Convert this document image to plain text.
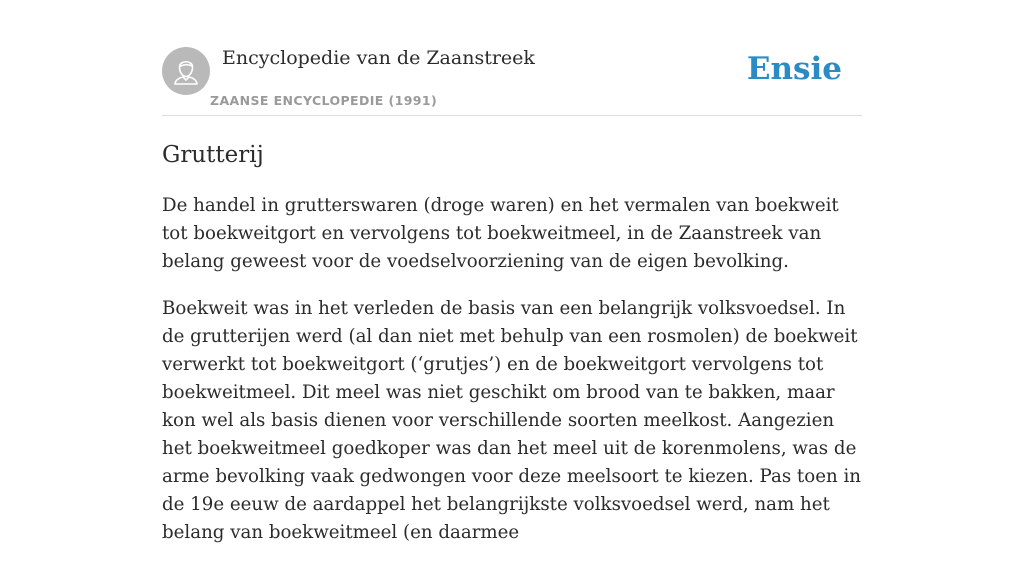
Encyclopedie van de Zaanstreek
ZAANSE ENCYCLOPEDIE (1991)
Ensie
Grutterij

De handel in grutterswaren (droge waren) en het vermalen van boekweit tot boekweitgort en vervolgens tot boekweitmeel, in de Zaanstreek van belang geweest voor de voedselvoorziening van de eigen bevolking.

Boekweit was in het verleden de basis van een belangrijk volksvoedsel. In de grutterijen werd (al dan niet met behulp van een rosmolen) de boekweit verwerkt tot boekweitgort (‘grutjes’) en de boekweitgort vervolgens tot boekweitmeel. Dit meel was niet geschikt om brood van te bakken, maar kon wel als basis dienen voor verschillende soorten meelkost. Aangezien het boekweitmeel goedkoper was dan het meel uit de korenmolens, was de arme bevolking vaak gedwongen voor deze meelsoort te kiezen. Pas toen in de 19e eeuw de aardappel het belangrijkste volksvoedsel werd, nam het belang van boekweitmeel (en daarmee
